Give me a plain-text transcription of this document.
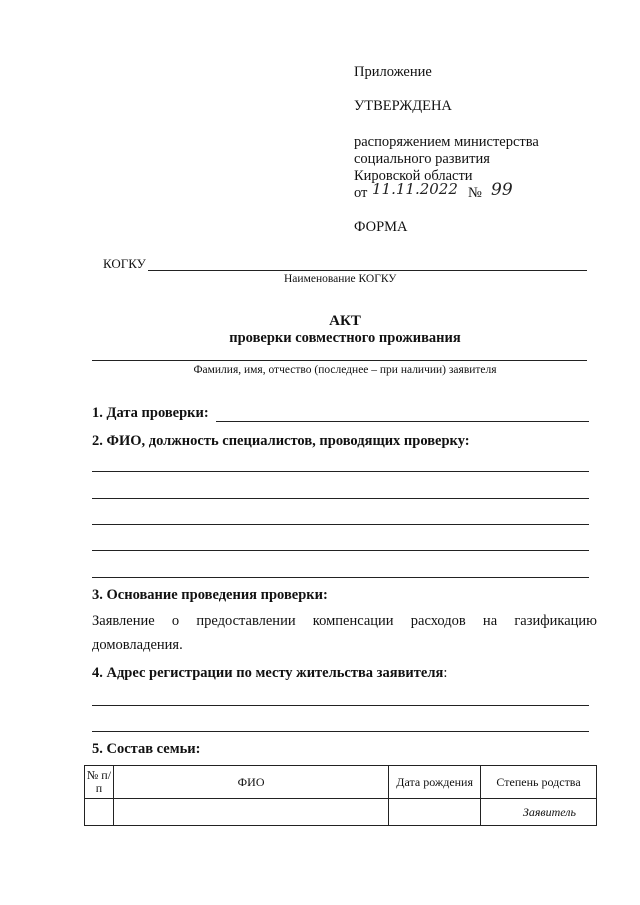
Приложение
УТВЕРЖДЕНА
распоряжением министерства
социального развития
Кировской области
от 11.11.2022 № 99
ФОРМА
КОГКУ
Наименование КОГКУ
АКТ
проверки совместного проживания
Фамилия, имя, отчество (последнее – при наличии) заявителя
1. Дата проверки:
2. ФИО, должность специалистов, проводящих проверку:
3. Основание проведения проверки:
Заявление о предоставлении компенсации расходов на газификацию
домовладения.
4. Адрес регистрации по месту жительства заявителя:
5. Состав семьи:
№ п/п	ФИО	Дата рождения	Степень родства
			Заявитель
